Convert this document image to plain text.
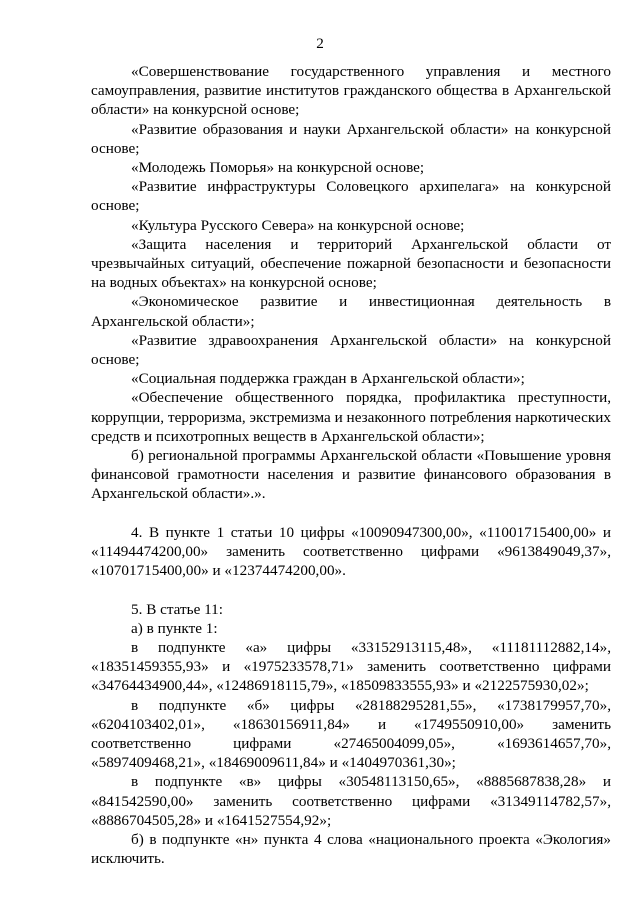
2

«Совершенствование государственного управления и местного самоуправления, развитие институтов гражданского общества в Архангельской области» на конкурсной основе;

«Развитие образования и науки Архангельской области» на конкурсной основе;

«Молодежь Поморья» на конкурсной основе;

«Развитие инфраструктуры Соловецкого архипелага» на конкурсной основе;

«Культура Русского Севера» на конкурсной основе;

«Защита населения и территорий Архангельской области от чрезвычайных ситуаций, обеспечение пожарной безопасности и безопасности на водных объектах» на конкурсной основе;

«Экономическое развитие и инвестиционная деятельность в Архангельской области»;

«Развитие здравоохранения Архангельской области» на конкурсной основе;

«Социальная поддержка граждан в Архангельской области»;

«Обеспечение общественного порядка, профилактика преступности, коррупции, терроризма, экстремизма и незаконного потребления наркотических средств и психотропных веществ в Архангельской области»;

б) региональной программы Архангельской области «Повышение уровня финансовой грамотности населения и развитие финансового образования в Архангельской области».».

4. В пункте 1 статьи 10 цифры «10090947300,00», «11001715400,00» и «11494474200,00» заменить соответственно цифрами «9613849049,37», «10701715400,00» и «12374474200,00».

5. В статье 11:

а) в пункте 1:

в подпункте «а» цифры «33152913115,48», «11181112882,14», «18351459355,93» и «1975233578,71» заменить соответственно цифрами «34764434900,44», «12486918115,79», «18509833555,93» и «2122575930,02»;

в подпункте «б» цифры «28188295281,55», «1738179957,70», «6204103402,01», «18630156911,84» и «1749550910,00» заменить соответственно цифрами «27465004099,05», «1693614657,70», «5897409468,21», «18469009611,84» и «1404970361,30»;

в подпункте «в» цифры «30548113150,65», «8885687838,28» и «841542590,00» заменить соответственно цифрами «31349114782,57», «8886704505,28» и «1641527554,92»;

б) в подпункте «н» пункта 4 слова «национального проекта «Экология» исключить.
